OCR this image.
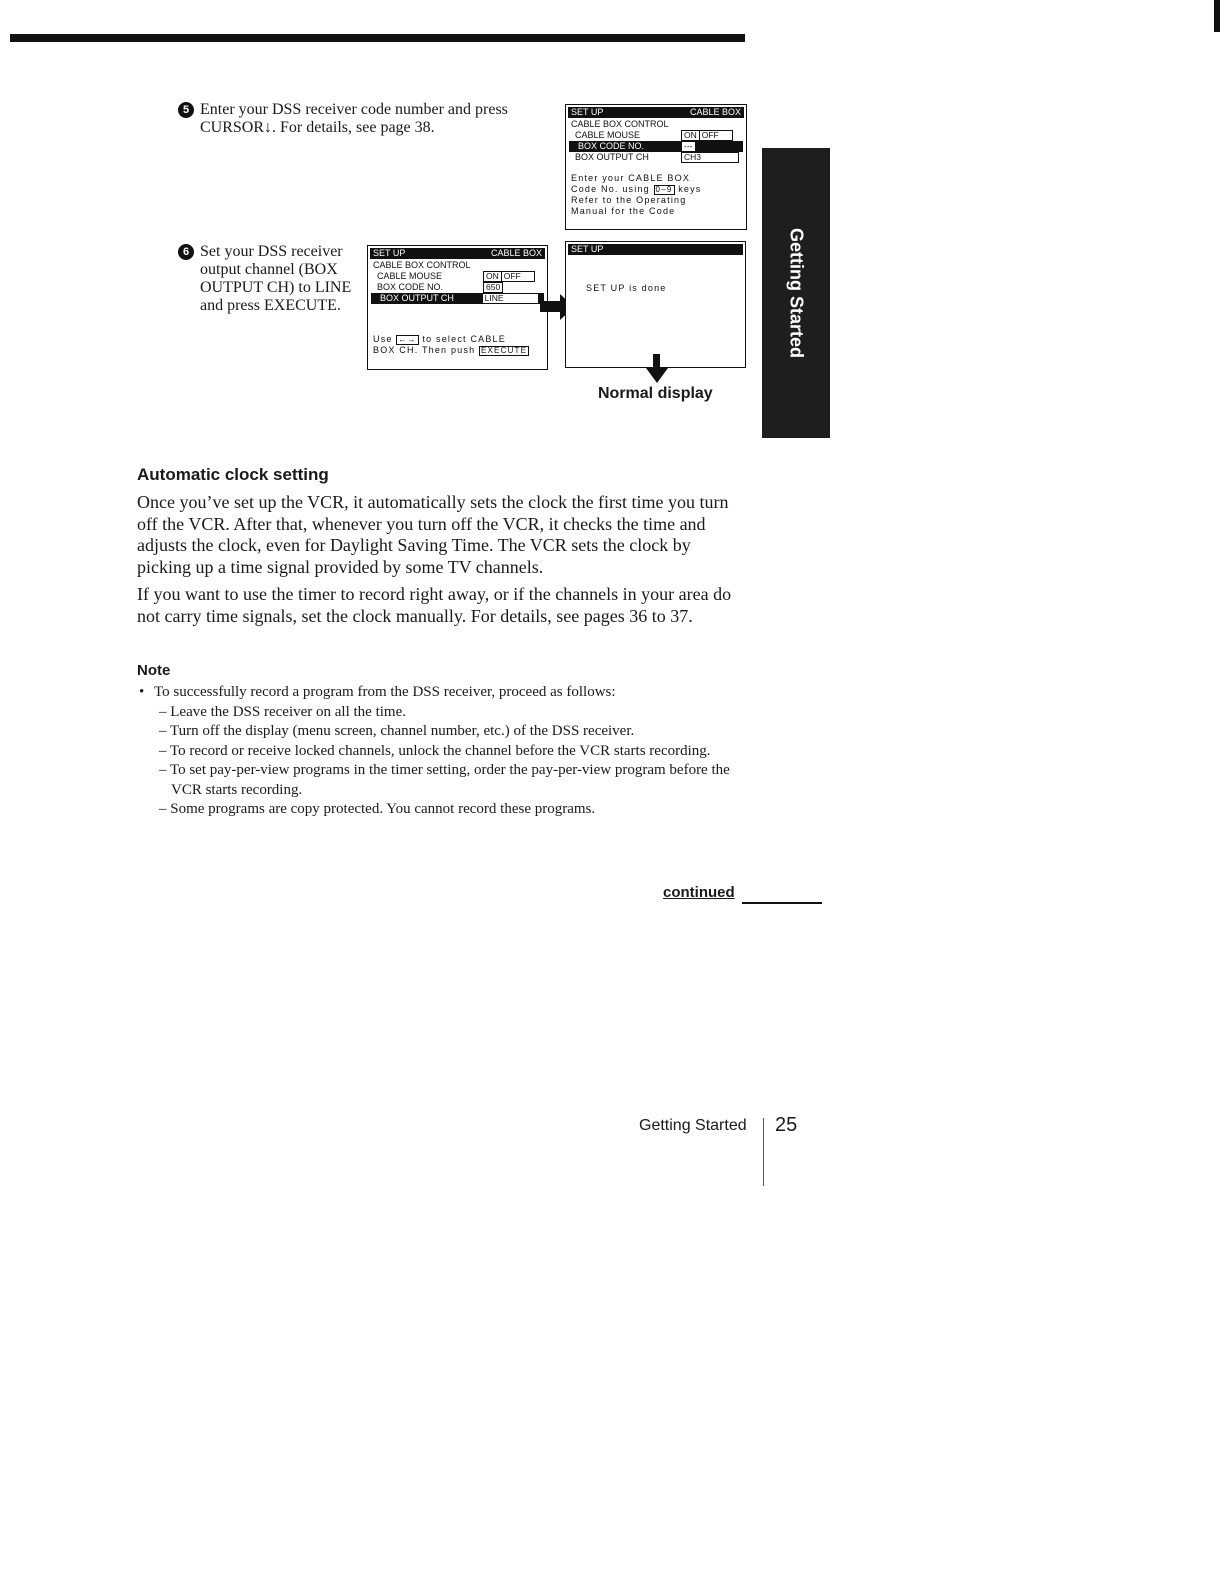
5 Enter your DSS receiver code number and press
CURSOR↓. For details, see page 38.
SET UP	CABLE BOX
CABLE BOX CONTROL
CABLE MOUSE	ON OFF
BOX CODE NO.	---
BOX OUTPUT CH	CH3
Enter your CABLE BOX
Code No. using 0–9 keys
Refer to the Operating
Manual for the Code
6 Set your DSS receiver
output channel (BOX
OUTPUT CH) to LINE
and press EXECUTE.
SET UP	CABLE BOX
CABLE BOX CONTROL
CABLE MOUSE	ON OFF
BOX CODE NO.	650
BOX OUTPUT CH	LINE
Use ←→ to select CABLE
BOX CH. Then push EXECUTE
SET UP
SET UP is done
Normal display
Getting Started
Automatic clock setting
Once you’ve set up the VCR, it automatically sets the clock the first time you turn off the VCR. After that, whenever you turn off the VCR, it checks the time and adjusts the clock, even for Daylight Saving Time. The VCR sets the clock by picking up a time signal provided by some TV channels.
If you want to use the timer to record right away, or if the channels in your area do not carry time signals, set the clock manually. For details, see pages 36 to 37.
Note
• To successfully record a program from the DSS receiver, proceed as follows:
– Leave the DSS receiver on all the time.
– Turn off the display (menu screen, channel number, etc.) of the DSS receiver.
– To record or receive locked channels, unlock the channel before the VCR starts recording.
– To set pay-per-view programs in the timer setting, order the pay-per-view program before the VCR starts recording.
– Some programs are copy protected. You cannot record these programs.
continued
Getting Started 25
